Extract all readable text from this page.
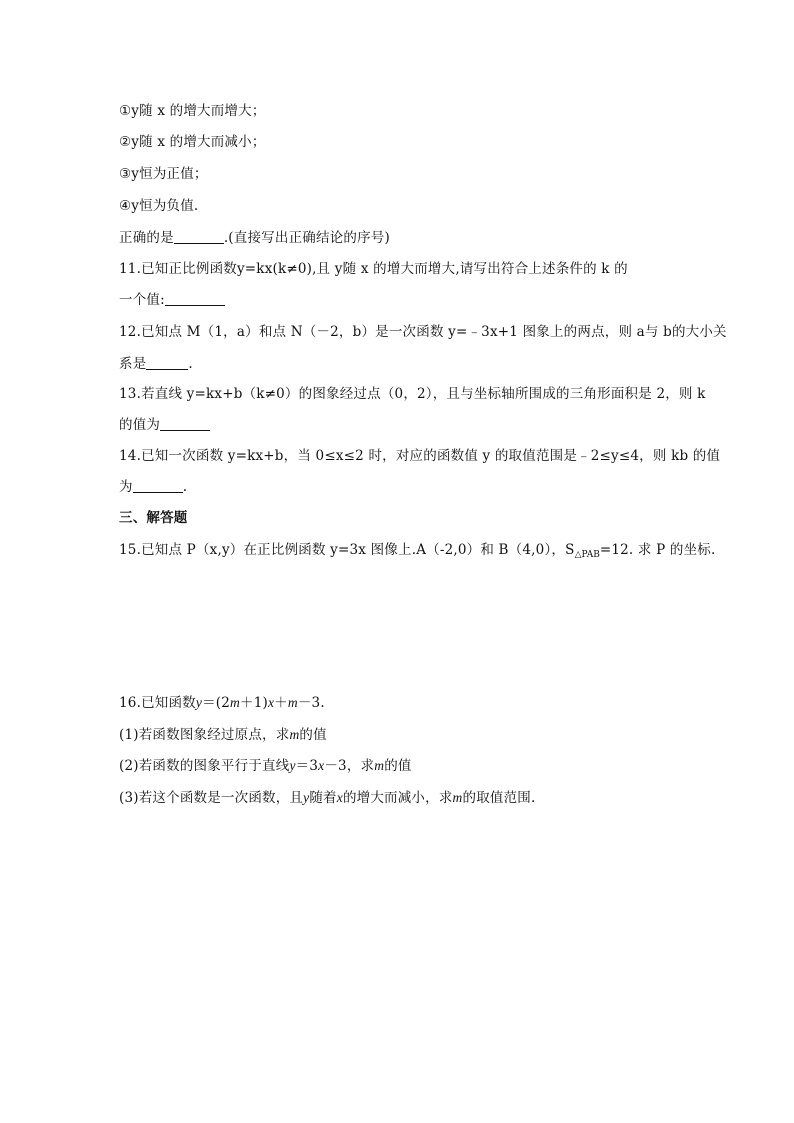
①y随 x 的增大而增大；
②y随 x 的增大而减小；
③y恒为正值；
④y恒为负值.
正确的是	.(直接写出正确结论的序号)
11.已知正比例函数y=kx(k≠0),且 y随 x 的增大而增大,请写出符合上述条件的 k 的
一个值:
12.已知点 M（1，a）和点 N（－2，b）是一次函数 y=﹣3x+1 图象上的两点，则 a与 b的大小关
系是	.
13.若直线 y=kx+b（k≠0）的图象经过点（0，2），且与坐标轴所围成的三角形面积是 2，则 k
的值为
14.已知一次函数 y=kx+b，当 0≤x≤2 时，对应的函数值 y 的取值范围是﹣2≤y≤4，则 kb 的值
为	.
三、解答题
15.已知点 P（x,y）在正比例函数 y=3x 图像上.A（-2,0）和 B（4,0），$S_{\triangle PAB}=12$. 求 P 的坐标.
16.已知函数y＝(2m＋1)x＋m－3.
(1)若函数图象经过原点，求m的值
(2)若函数的图象平行于直线y＝3x－3，求m的值
(3)若这个函数是一次函数，且y随着x的增大而减小，求m的取值范围.
